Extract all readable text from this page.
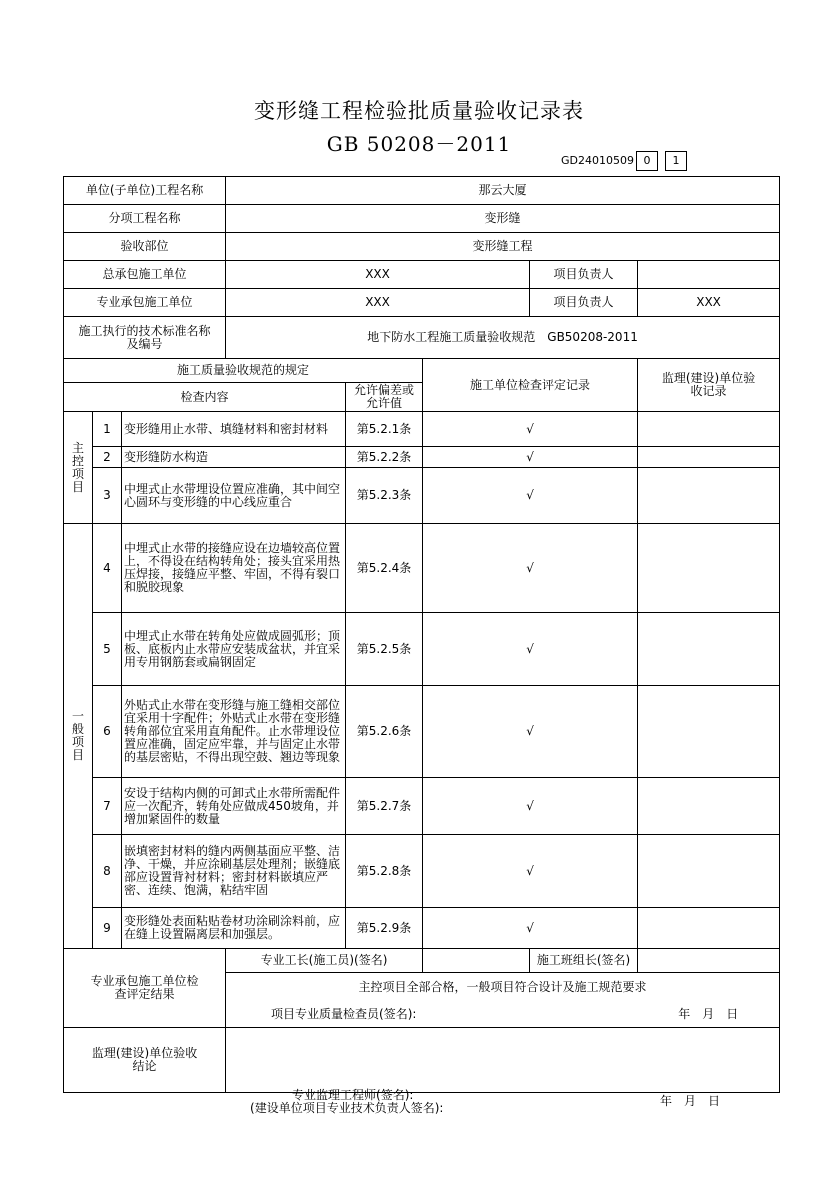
变形缝工程检验批质量验收记录表
GB 50208－2011
GD24010509 0	1
单位(子单位)工程名称			那云大厦				
分项工程名称			变形缝				
验收部位			变形缝工程				
总承包施工单位			XXX			项目负责人	
专业承包施工单位			XXX			项目负责人	XXX
施工执行的技术标准名称及编号			地下防水工程施工质量验收规范　GB50208-2011				
施工质量验收规范的规定					施工单位检查评定记录		监理(建设)单位验收记录
检查内容				允许偏差或允许值			

主控项目	1	变形缝用止水带、填缝材料和密封材料		第5.2.1条	√		
	2	变形缝防水构造		第5.2.2条	√		
	3	中埋式止水带埋设位置应准确，其中间空心圆环与变形缝的中心线应重合		第5.2.3条	√		

一般项目	4	中埋式止水带的接缝应设在边墙较高位置上，不得设在结构转角处；接头宜采用热压焊接，接缝应平整、牢固，不得有裂口和脱胶现象		第5.2.4条	√		
	5	中埋式止水带在转角处应做成圆弧形；顶板、底板内止水带应安装成盆状，并宜采用专用钢筋套或扁钢固定		第5.2.5条	√		
	6	外贴式止水带在变形缝与施工缝相交部位宜采用十字配件；外贴式止水带在变形缝转角部位宜采用直角配件。止水带埋设位置应准确，固定应牢靠，并与固定止水带的基层密贴，不得出现空鼓、翘边等现象		第5.2.6条	√		
	7	安设于结构内侧的可卸式止水带所需配件应一次配齐，转角处应做成450坡角，并增加紧固件的数量		第5.2.7条	√		
	8	嵌填密封材料的缝内两侧基面应平整、洁净、干燥，并应涂刷基层处理剂；嵌缝底部应设置背衬材料；密封材料嵌填应严密、连续、饱满，粘结牢固		第5.2.8条	√		
	9	变形缝处表面粘贴卷材功涂刷涂料前，应在缝上设置隔离层和加强层。		第5.2.9条	√		
专业承包施工单位检查评定结果			专业工长(施工员)(签名)			施工班组长(签名)	
			主控项目全部合格，一般项目符合设计及施工规范要求				
			项目专业质量检查员(签名):				年　月　日
监理(建设)单位验收结论			专业监理工程师(签名):
(建设单位项目专业技术负责人签名): 年　月　日				
